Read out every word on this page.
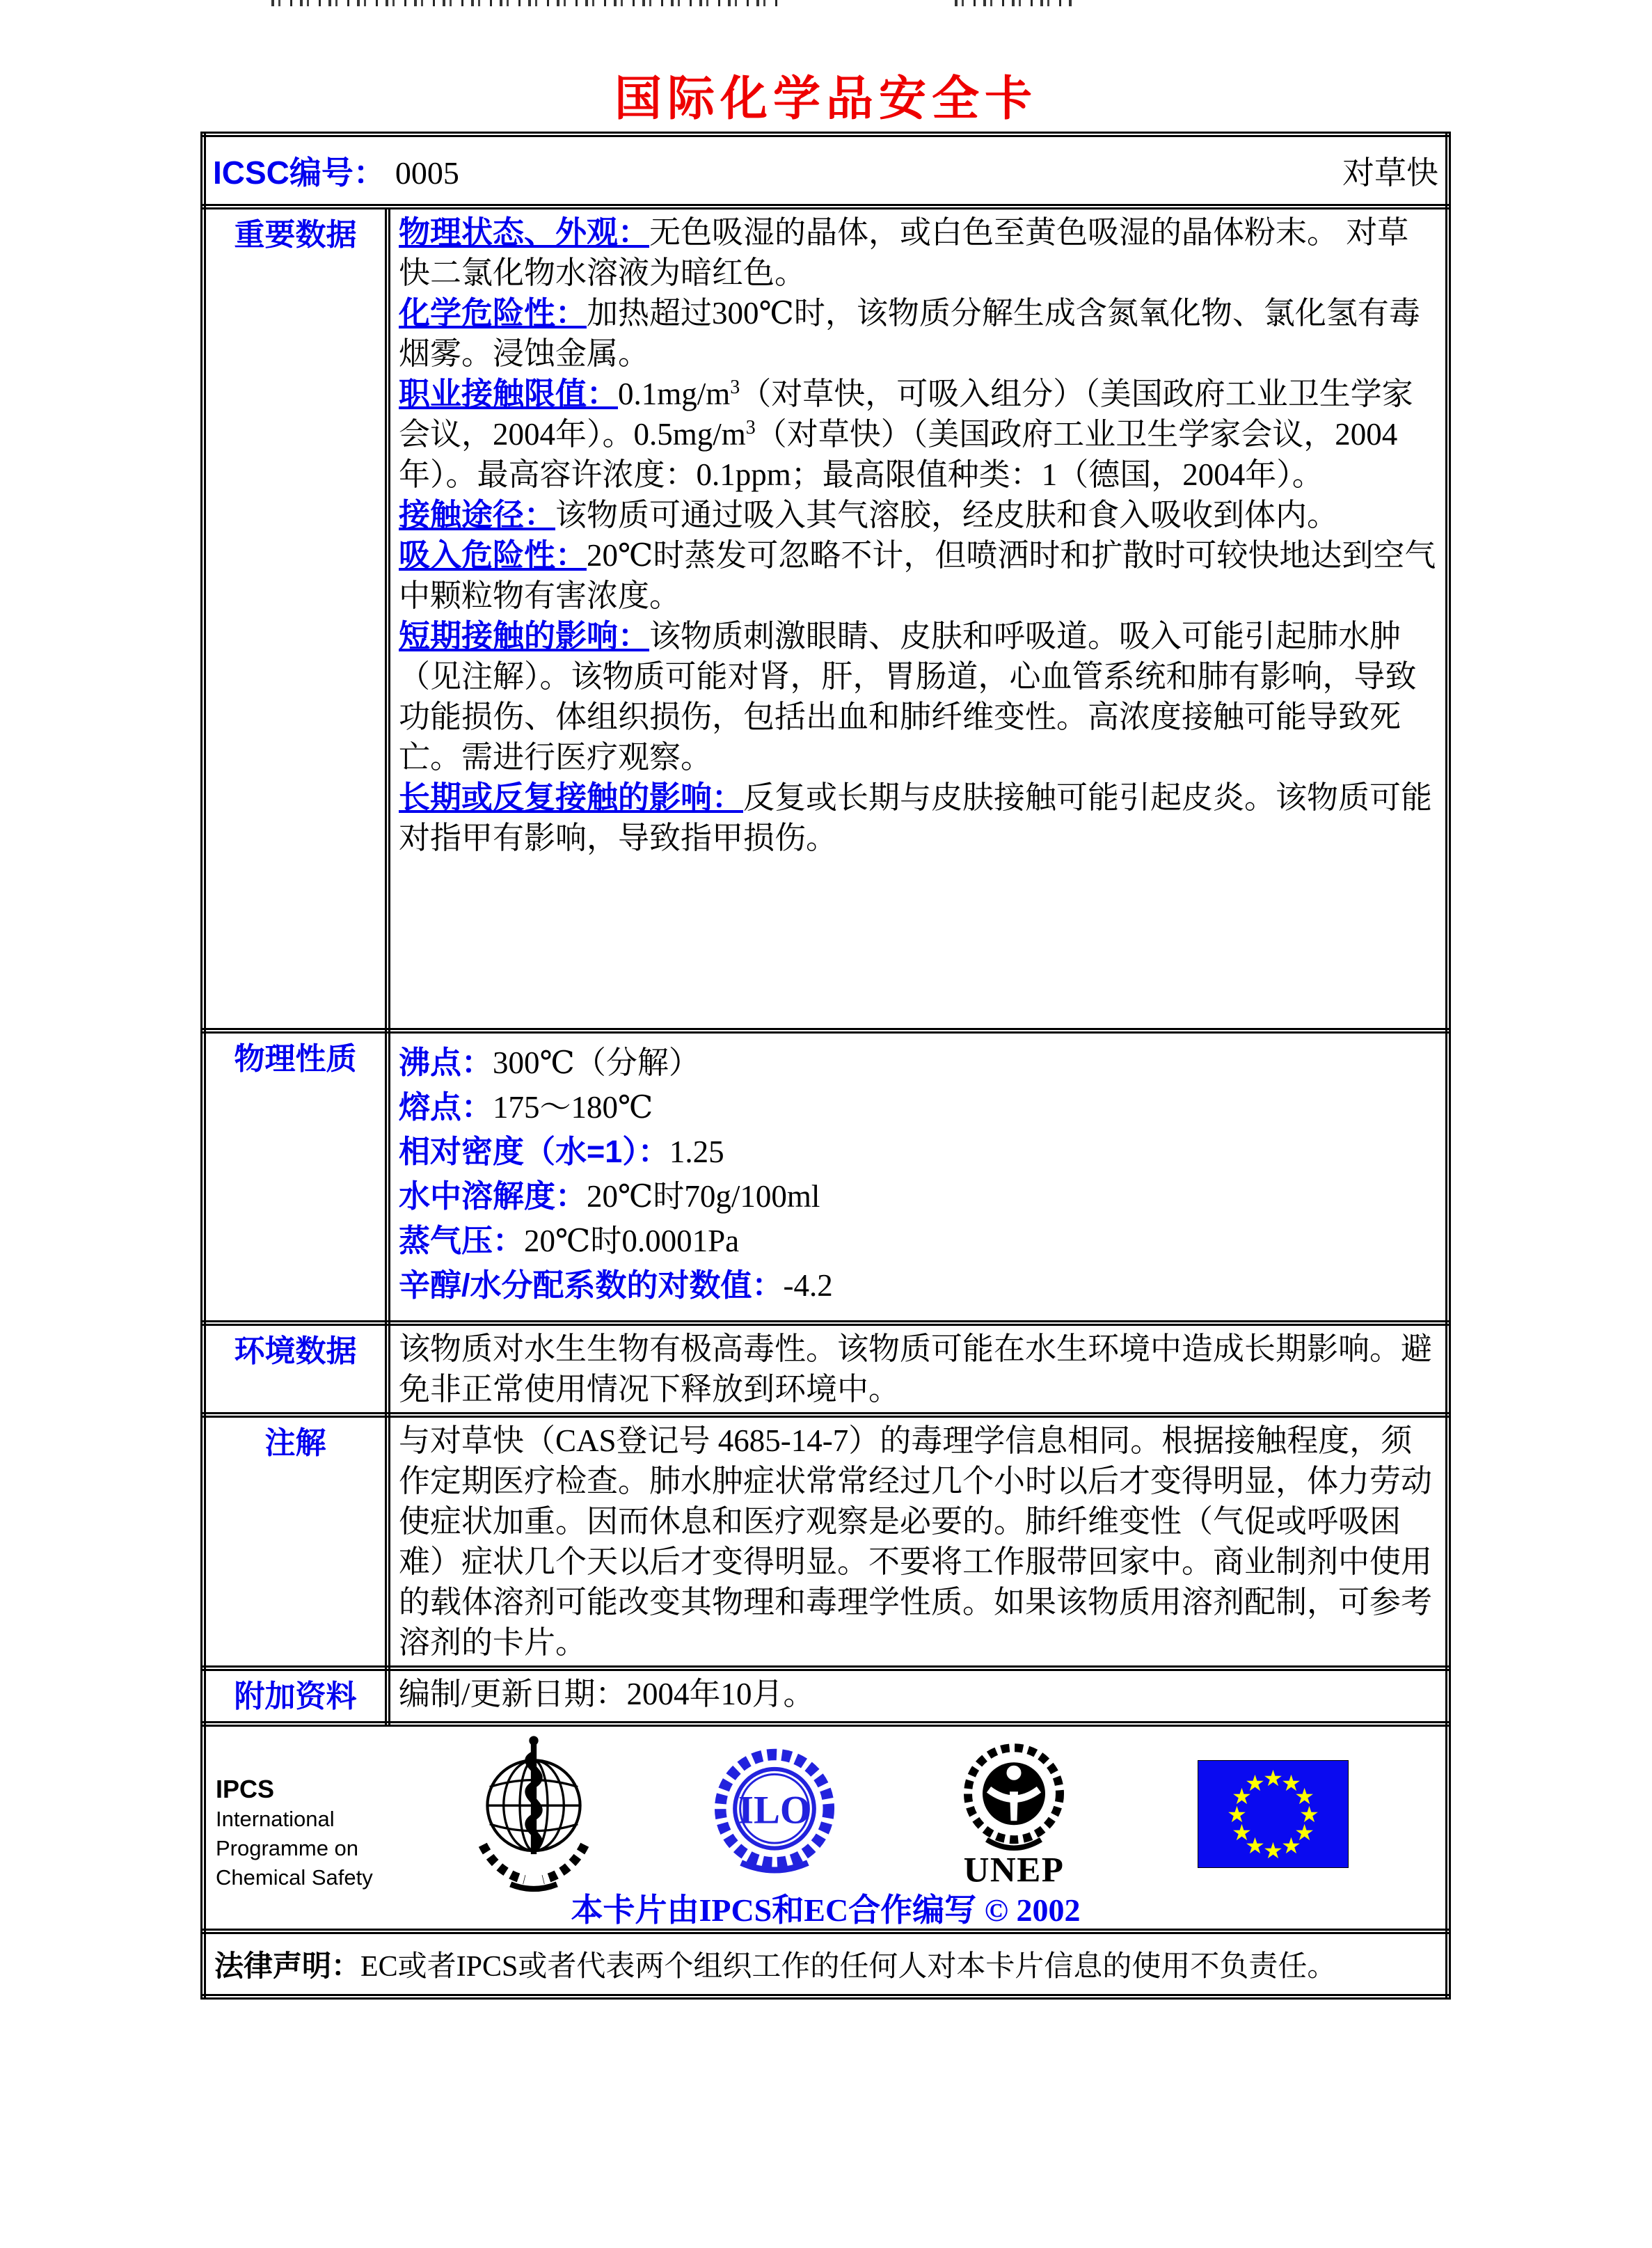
国际化学品安全卡
ICSC编号： 0005 对草快	

重要数据	物理状态、外观：无色吸湿的晶体，或白色至黄色吸湿的晶体粉末。 对草快二氯化物水溶液为暗红色。
化学危险性：加热超过300℃时，该物质分解生成含氮氧化物、氯化氢有毒烟雾。浸蚀金属。
职业接触限值：$0.1mg/m^3$（对草快，可吸入组分）（美国政府工业卫生学家会议，2004年）。$0.5mg/m^3$（对草快）（美国政府工业卫生学家会议，2004年）。最高容许浓度：0.1ppm；最高限值种类：1（德国，2004年）。
接触途径：该物质可通过吸入其气溶胶，经皮肤和食入吸收到体内。
吸入危险性：20℃时蒸发可忽略不计，但喷洒时和扩散时可较快地达到空气中颗粒物有害浓度。
短期接触的影响：该物质刺激眼睛、皮肤和呼吸道。吸入可能引起肺水肿（见注解）。该物质可能对肾，肝，胃肠道，心血管系统和肺有影响，导致功能损伤、体组织损伤，包括出血和肺纤维变性。高浓度接触可能导致死亡。需进行医疗观察。
长期或反复接触的影响：反复或长期与皮肤接触可能引起皮炎。该物质可能对指甲有影响，导致指甲损伤。

物理性质	沸点：300℃（分解）
熔点：175～180℃
相对密度（水=1）：1.25
水中溶解度：20℃时70g/100ml
蒸气压：20℃时0.0001Pa
辛醇/水分配系数的对数值：-4.2

环境数据	该物质对水生生物有极高毒性。该物质可能在水生环境中造成长期影响。避免非正常使用情况下释放到环境中。

注解	与对草快（CAS登记号 4685-14-7）的毒理学信息相同。根据接触程度，须作定期医疗检查。肺水肿症状常常经过几个小时以后才变得明显，体力劳动使症状加重。因而休息和医疗观察是必要的。肺纤维变性（气促或呼吸困难）症状几个天以后才变得明显。不要将工作服带回家中。商业制剂中使用的载体溶剂可能改变其物理和毒理学性质。如果该物质用溶剂配制，可参考溶剂的卡片。

附加资料	编制/更新日期：2004年10月。

IPCS
International
Programme on
Chemical Safety
ILO
UNEP
★
★
★
★
★
★
★
★
★
★
★
★
本卡片由IPCS和EC合作编写 © 2002

法律声明：EC或者IPCS或者代表两个组织工作的任何人对本卡片信息的使用不负责任。	
